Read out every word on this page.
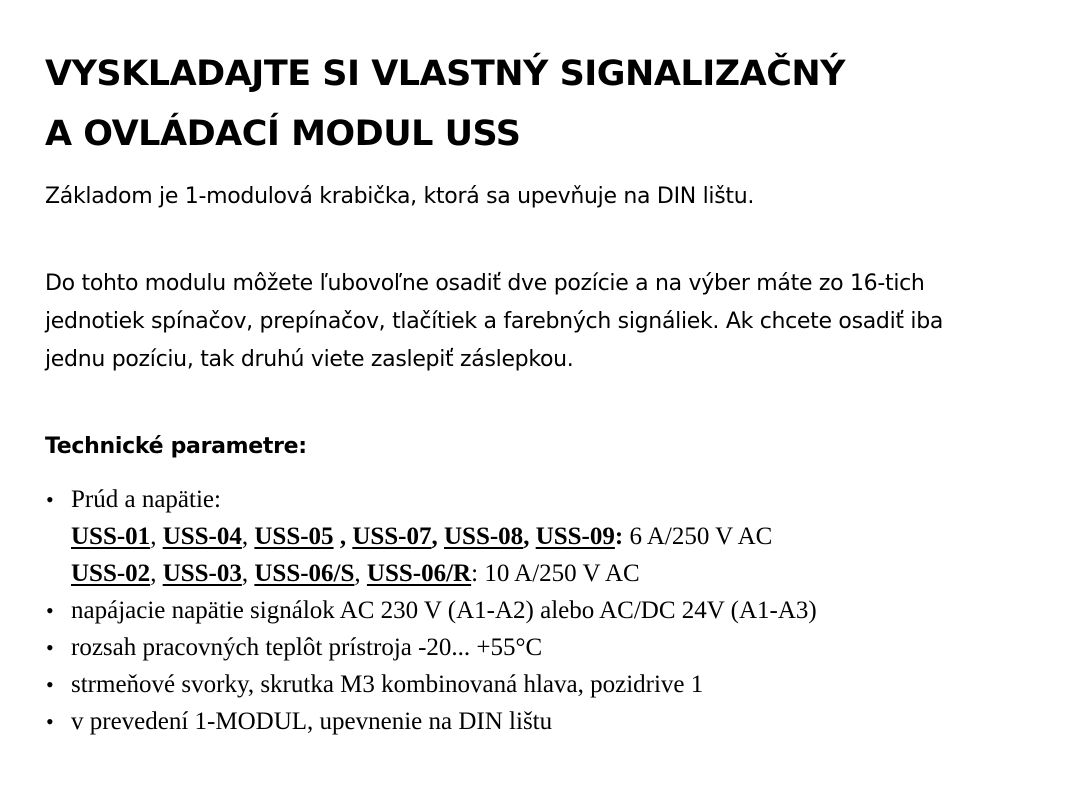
VYSKLADAJTE SI VLASTNÝ SIGNALIZAČNÝ
A OVLÁDACÍ MODUL USS
Základom je 1-modulová krabička, ktorá sa upevňuje na DIN lištu.
Do tohto modulu môžete ľubovoľne osadiť dve pozície a na výber máte zo 16-tich
jednotiek spínačov, prepínačov, tlačítiek a farebných signáliek. Ak chcete osadiť iba
jednu pozíciu, tak druhú viete zaslepiť záslepkou.
Technické parametre:
• Prúd a napätie:
USS-01, USS-04, USS-05 , USS-07, USS-08, USS-09: 6 A/250 V AC
USS-02, USS-03, USS-06/S, USS-06/R: 10 A/250 V AC
• napájacie napätie signálok AC 230 V (A1-A2) alebo AC/DC 24V (A1-A3)
• rozsah pracovných teplôt prístroja -20... +55°C
• strmeňové svorky, skrutka M3 kombinovaná hlava, pozidrive 1
• v prevedení 1-MODUL, upevnenie na DIN lištu
